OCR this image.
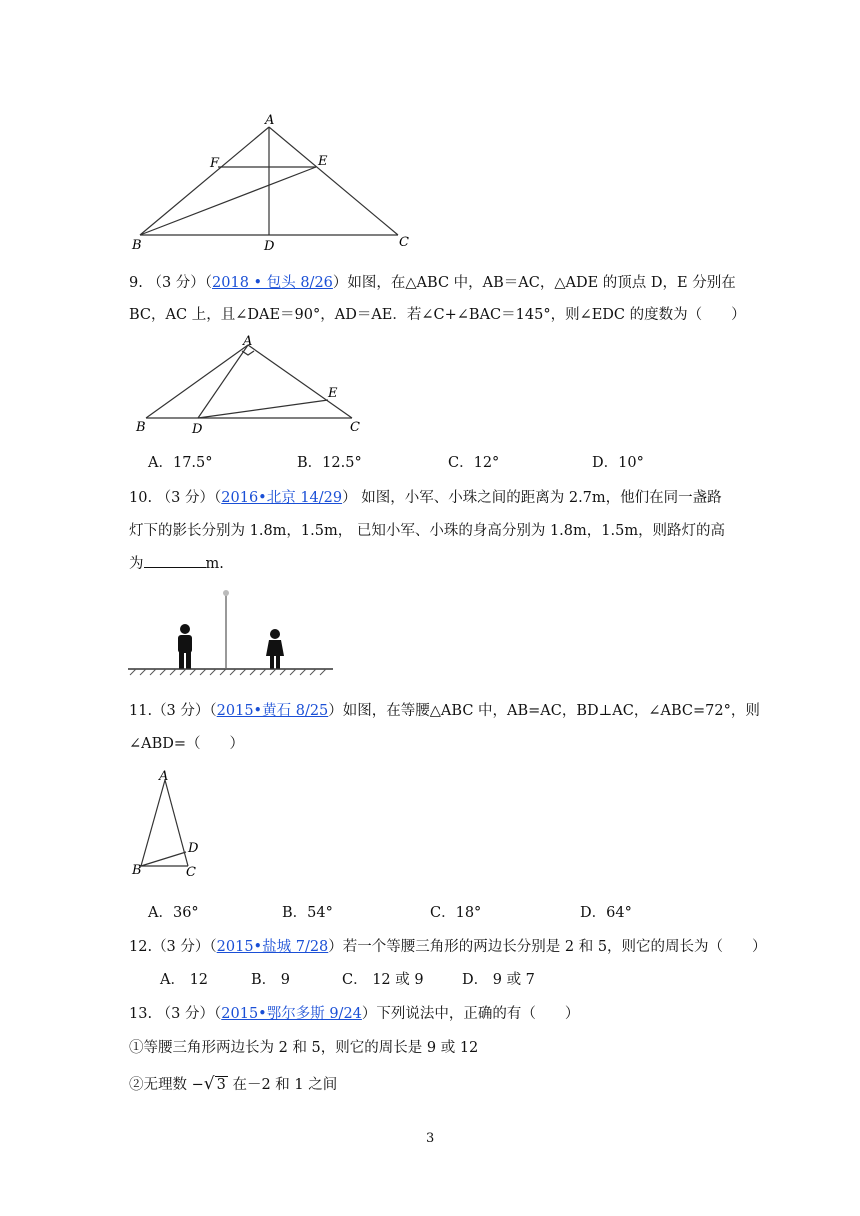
A
F	E
B	D	C
9. （3 分）（2018 • 包头 8/26）如图，在△ABC 中，AB＝AC，△ADE 的顶点 D，E 分别在
BC，AC 上，且∠DAE＝90°，AD＝AE．若∠C+∠BAC＝145°，则∠EDC 的度数为（　　）
A
E
B	D	C
A．17.5°	B．12.5°	C．12°	D．10°
10. （3 分）（2016•北京 14/29） 如图，小军、小珠之间的距离为 2.7m，他们在同一盏路
灯下的影长分别为 1.8m，1.5m， 已知小军、小珠的身高分别为 1.8m，1.5m，则路灯的高
为	m.
11.（3 分）（2015•黄石 8/25）如图，在等腰△ABC 中，AB=AC，BD⊥AC，∠ABC=72°，则
∠ABD=（　　）
A
D
B	C
A．36°	B．54°	C．18°	D．64°
12.（3 分）（2015•盐城 7/28）若一个等腰三角形的两边长分别是 2 和 5，则它的周长为（　　）
A． 12	B． 9	C． 12 或 9	D． 9 或 7
13. （3 分）（2015•鄂尔多斯 9/24）下列说法中，正确的有（　　）
①等腰三角形两边长为 2 和 5，则它的周长是 9 或 12
②无理数 −√ 3 在－2 和 1 之间
3
